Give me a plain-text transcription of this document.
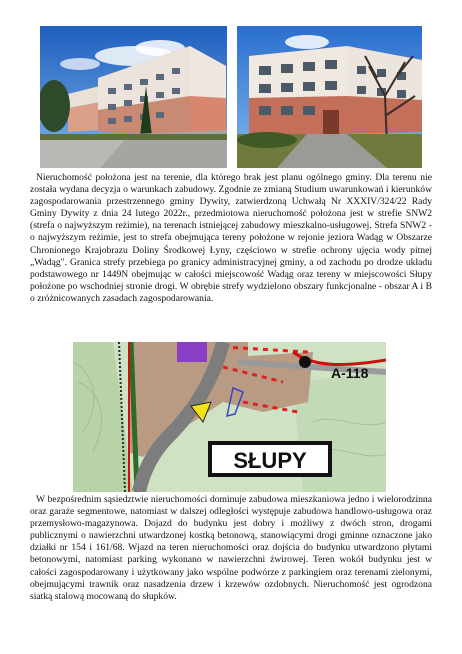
Nieruchomość położona jest na terenie, dla którego brak jest planu ogólnego gminy. Dla terenu nie została wydana decyzja o warunkach zabudowy. Zgodnie ze zmianą Studium uwarunkowań i kierunków zagospodarowania przestrzennego gminy Dywity, zatwierdzoną Uchwałą Nr XXXIV/324/22 Rady Gminy Dywity z dnia 24 lutego 2022r., przedmiotowa nieruchomość położona jest w strefie SNW2 (strefa o najwyższym reżimie), na terenach istniejącej zabudowy mieszkalno-usługowej. Strefa SNW2 - o najwyższym reżimie, jest to strefa obejmująca tereny położone w rejonie jeziora Wadąg w Obszarze Chronionego Krajobrazu Doliny Środkowej Łyny, częściowo w strefie ochrony ujęcia wody pitnej „Wadąg". Granica strefy przebiega po granicy administracyjnej gminy, a od zachodu po drodze układu podstawowego nr 1449N obejmując w całości miejscowość Wadąg oraz tereny w miejscowości Słupy położone po wschodniej stronie drogi. W obrębie strefy wydzielono obszary funkcjonalne - obszar A i B o zróżnicowanych zasadach zagospodarowania.

A-118
SŁUPY

W bezpośrednim sąsiedztwie nieruchomości dominuje zabudowa mieszkaniowa jedno i wielorodzinna oraz garaże segmentowe, natomiast w dalszej odległości występuje zabudowa handlowo-usługowa oraz przemysłowo-magazynowa. Dojazd do budynku jest dobry i możliwy z dwóch stron, drogami publicznymi o nawierzchni utwardzonej kostką betonową, stanowiącymi drogi gminne oznaczone jako działki nr 154 i 161/68. Wjazd na teren nieruchomości oraz dojścia do budynku utwardzono płytami betonowymi, natomiast parking wykonano w nawierzchni żwirowej. Teren wokół budynku jest w całości zagospodarowany i użytkowany jako wspólne podwórze z parkingiem oraz terenami zielonymi, obejmującymi trawnik oraz nasadzenia drzew i krzewów ozdobnych. Nieruchomość jest ogrodzona siatką stalową mocowaną do słupków.
